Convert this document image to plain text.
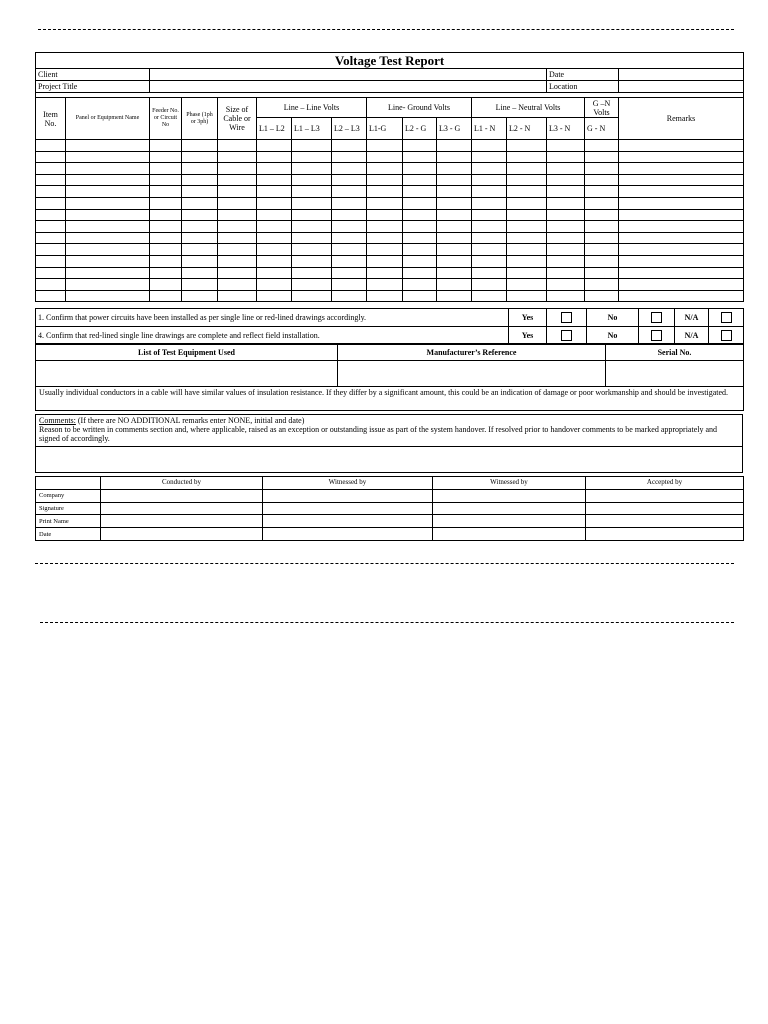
Voltage Test Report															
Client													Date		
Project Title													Location		

Item No.	Panel or Equipment Name	Feeder No. or Circuit No	Phase (1ph or 3ph)	Size of Cable or Wire	Line – Line Volts			Line- Ground Volts			Line – Neutral Volts			G –N Volts	Remarks
					L1 – L2	L1 – L3	L2 – L3	L1-G	L2 - G	L3 - G	L1 - N	L2 - N	L3 - N	G - N	

1. Confirm that power circuits have been installed as per single line or red-lined drawings accordingly.	Yes		No		N/A	
4. Confirm that red-lined single line drawings are complete and reflect field installation.	Yes		No		N/A	
List of Test Equipment Used	Manufacturer’s Reference	Serial No.

Usually individual conductors in a cable will have similar values of insulation resistance. If they differ by a significant amount, this could be an indication of damage or poor workmanship and should be investigated.		
Comments: (If there are NO ADDITIONAL remarks enter NONE, initial and date)
Reason to be written in comments section and, where applicable, raised as an exception or outstanding issue as part of the system handover. If resolved prior to handover comments to be marked appropriately and signed of accordingly.

	Conducted by	Witnessed by	Witnessed by	Accepted by
Company				
Signature				
Print Name				
Date				
